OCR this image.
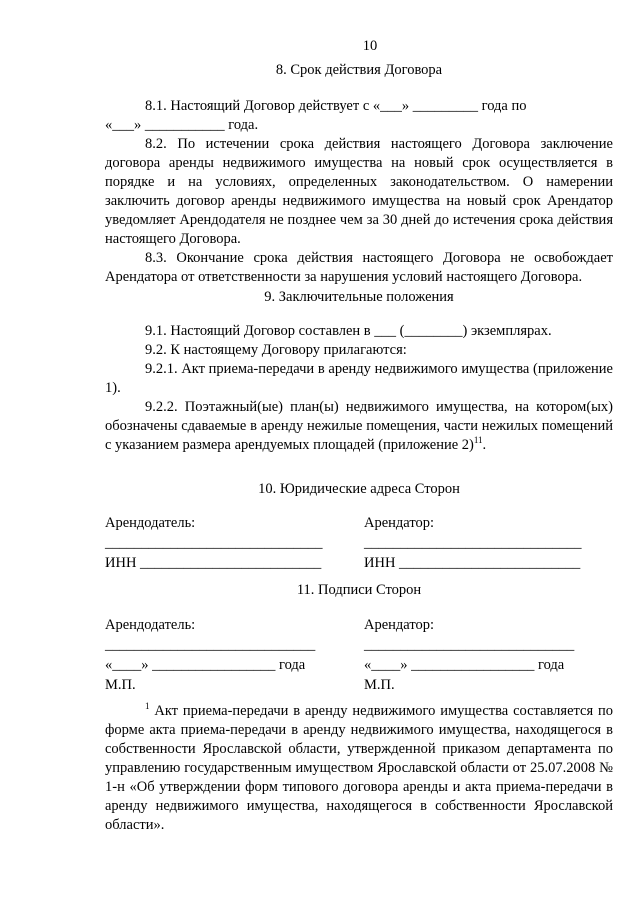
10
8. Срок действия Договора

8.1. Настоящий Договор действует с «___» _________ года по

«___» ___________ года.

8.2. По истечении срока действия настоящего Договора заключение договора аренды недвижимого имущества на новый срок осуществляется в порядке и на условиях, определенных законодательством. О намерении заключить договор аренды недвижимого имущества на новый срок Арендатор уведомляет Арендодателя не позднее чем за 30 дней до истечения срока действия настоящего Договора.

8.3. Окончание срока действия настоящего Договора не освобождает Арендатора от ответственности за нарушения условий настоящего Договора.

9. Заключительные положения

9.1. Настоящий Договор составлен в ___ (________) экземплярах.

9.2. К настоящему Договору прилагаются:

9.2.1. Акт приема-передачи в аренду недвижимого имущества (приложение 1).

9.2.2. Поэтажный(ые) план(ы) недвижимого имущества, на котором(ых) обозначены сдаваемые в аренду нежилые помещения, части нежилых помещений с указанием размера арендуемых площадей (приложение 2)$^{11}$.

10. Юридические адреса Сторон
Арендодатель:
______________________________
ИНН _________________________
Арендатор:
______________________________
ИНН _________________________
11. Подписи Сторон
Арендодатель:
_____________________________
«____» _________________ года
М.П.
Арендатор:
_____________________________
«____» _________________ года
М.П.

$^1$ Акт приема-передачи в аренду недвижимого имущества составляется по форме акта приема-передачи в аренду недвижимого имущества, находящегося в собственности Ярославской области, утвержденной приказом департамента по управлению государственным имуществом Ярославской области от 25.07.2008 № 1-н «Об утверждении форм типового договора аренды и акта приема-передачи в аренду недвижимого имущества, находящегося в собственности Ярославской области».
